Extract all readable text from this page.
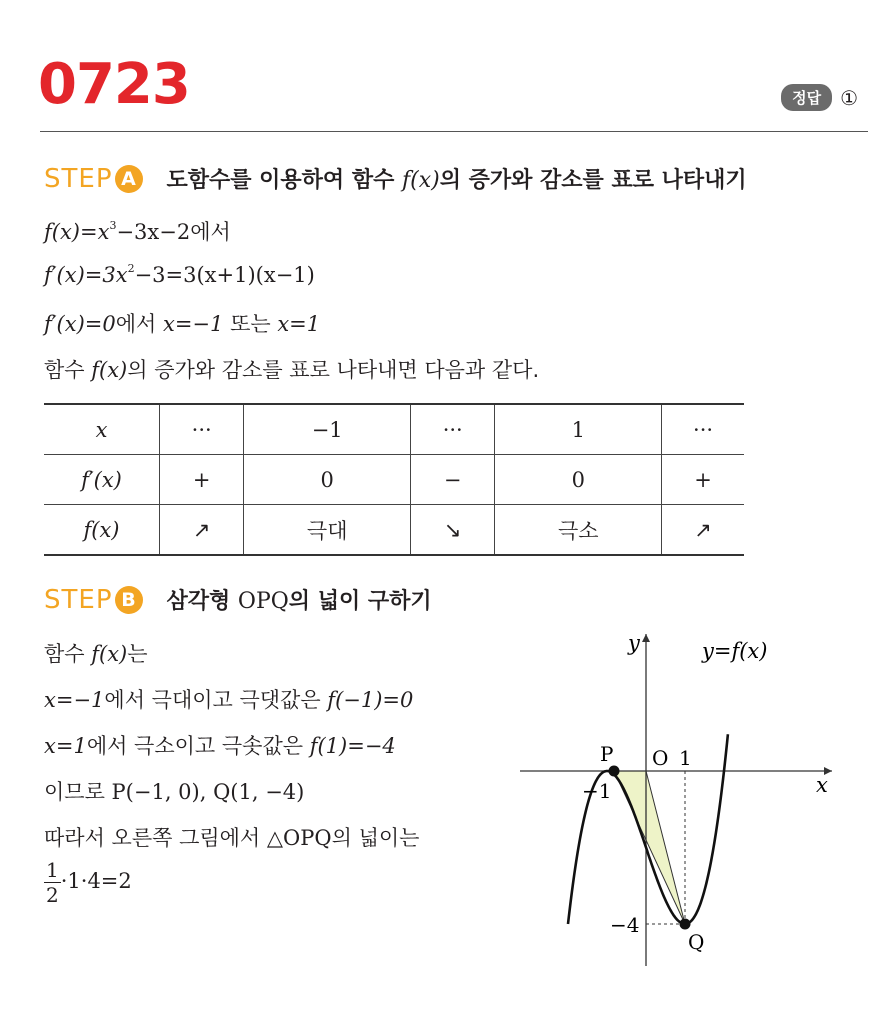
0723	정답 ①
STEP A	도함수를 이용하여 함수 f(x)의 증가와 감소를 표로 나타내기
$f(x)=x^3-3x-2$에서
$f'(x)=3x^2-3=3(x+1)(x-1)$
f′(x)=0에서 x=−1 또는 x=1
함수 f(x)의 증가와 감소를 표로 나타내면 다음과 같다.
x	···	−1	···	1	···
f′(x)	+	0	−	0	+
f(x)	↗	극대	↘	극소	↗
STEP B	삼각형 OPQ의 넓이 구하기
함수 f(x)는
x=−1에서 극대이고 극댓값은 f(−1)=0
x=1에서 극소이고 극솟값은 f(1)=−4
이므로 P(−1, 0), Q(1, −4)
따라서 오른쪽 그림에서 △OPQ의 넓이는
$\frac{1}{2} \cdot 1\cdot 4=2$
y
x
y=f(x)
P O 1
−1
−4
Q
